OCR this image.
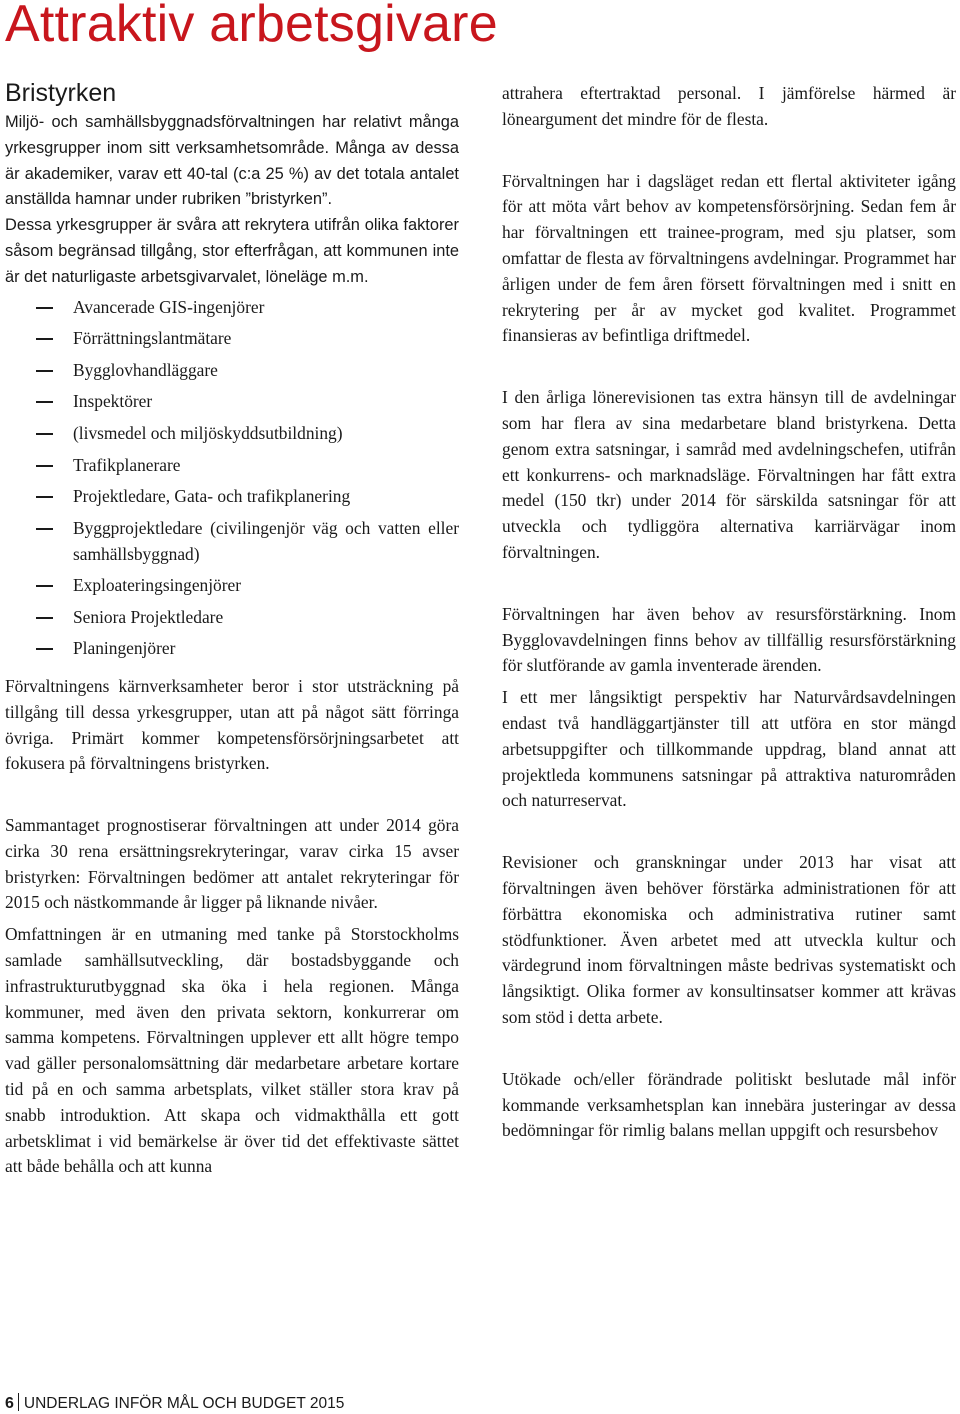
Attraktiv arbetsgivare
Bristyrken

Miljö- och samhällsbyggnadsförvaltningen har relativt många yrkesgrupper inom sitt verksamhetsområde. Många av dessa är akademiker, varav ett 40-tal (c:a 25 %) av det totala antalet anställda hamnar under rubriken ”bristyrken”.

Dessa yrkesgrupper är svåra att rekrytera utifrån olika faktorer såsom begränsad tillgång, stor efterfrågan, att kommunen inte är det naturligaste arbetsgivarvalet, löneläge m.m.

Avancerade GIS-ingenjörer
Förrättningslantmätare
Bygglovhandläggare
Inspektörer
(livsmedel och miljöskyddsutbildning)
Trafikplanerare
Projektledare, Gata- och trafikplanering
Byggprojektledare (civilingenjör väg och vatten eller samhällsbyggnad)
Exploateringsingenjörer
Seniora Projektledare
Planingenjörer

Förvaltningens kärnverksamheter beror i stor utsträckning på tillgång till dessa yrkesgrupper, utan att på något sätt förringa övriga. Primärt kommer kompetensförsörjningsarbetet att fokusera på förvaltningens bristyrken.

Sammantaget prognostiserar förvaltningen att under 2014 göra cirka 30 rena ersättningsrekryteringar, varav cirka 15 avser bristyrken: Förvaltningen bedömer att antalet rekryteringar för 2015 och nästkommande år ligger på liknande nivåer.

Omfattningen är en utmaning med tanke på Storstockholms samlade samhällsutveckling, där bostadsbyggande och infrastrukturutbyggnad ska öka i hela regionen. Många kommuner, med även den privata sektorn, konkurrerar om samma kompetens. Förvaltningen upplever ett allt högre tempo vad gäller personalomsättning där medarbetare arbetare kortare tid på en och samma arbetsplats, vilket ställer stora krav på snabb introduktion. Att skapa och vidmakthålla ett gott arbetsklimat i vid bemärkelse är över tid det effektivaste sättet att både behålla och att kunna

attrahera eftertraktad personal. I jämförelse härmed är löneargument det mindre för de flesta.

Förvaltningen har i dagsläget redan ett flertal aktiviteter igång för att möta vårt behov av kompetensförsörjning. Sedan fem år har förvaltningen ett trainee-program, med sju platser, som omfattar de flesta av förvaltningens avdelningar. Programmet har årligen under de fem åren försett förvaltningen med i snitt en rekrytering per år av mycket god kvalitet. Programmet finansieras av befintliga driftmedel.

I den årliga lönerevisionen tas extra hänsyn till de avdelningar som har flera av sina medarbetare bland bristyrkena. Detta genom extra satsningar, i samråd med avdelningschefen, utifrån ett konkurrens- och marknadsläge. Förvaltningen har fått extra medel (150 tkr) under 2014 för särskilda satsningar för att utveckla och tydliggöra alternativa karriärvägar inom förvaltningen.

Förvaltningen har även behov av resursförstärkning. Inom Bygglovavdelningen finns behov av tillfällig resursförstärkning för slutförande av gamla inventerade ärenden.

I ett mer långsiktigt perspektiv har Naturvårdsavdelningen endast två handläggartjänster till att utföra en stor mängd arbetsuppgifter och tillkommande uppdrag, bland annat att projektleda kommunens satsningar på attraktiva naturområden och naturreservat.

Revisioner och granskningar under 2013 har visat att förvaltningen även behöver förstärka administrationen för att förbättra ekonomiska och administrativa rutiner samt stödfunktioner. Även arbetet med att utveckla kultur och värdegrund inom förvaltningen måste bedrivas systematiskt och långsiktigt. Olika former av konsultinsatser kommer att krävas som stöd i detta arbete.

Utökade och/eller förändrade politiskt beslutade mål inför kommande verksamhetsplan kan innebära justeringar av dessa bedömningar för rimlig balans mellan uppgift och resursbehov

6 UNDERLAG INFÖR MÅL OCH BUDGET 2015
